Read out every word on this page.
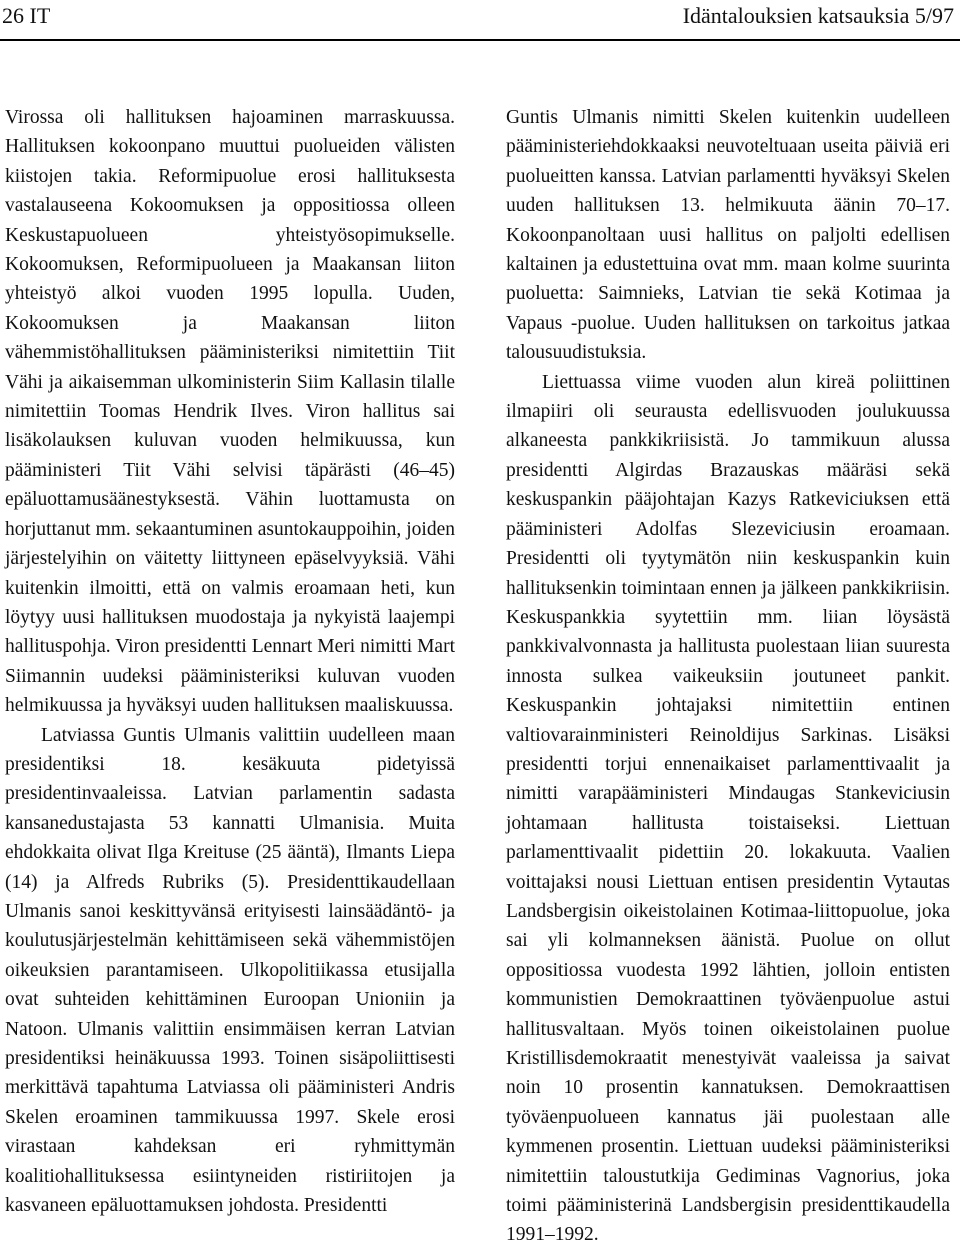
26 IT	Idäntalouksien katsauksia 5/97

Virossa oli hallituksen hajoaminen marraskuussa. Hallituksen kokoonpano muuttui puolueiden välisten kiistojen takia. Reformipuolue erosi hallituksesta vastalauseena Kokoomuksen ja oppositiossa olleen Keskustapuolueen yhteistyösopimukselle. Kokoomuksen, Reformipuolueen ja Maakansan liiton yhteistyö alkoi vuoden 1995 lopulla. Uuden, Kokoomuksen ja Maakansan liiton vähemmistöhallituksen pääministeriksi nimitettiin Tiit Vähi ja aikaisemman ulkoministerin Siim Kallasin tilalle nimitettiin Toomas Hendrik Ilves. Viron hallitus sai lisäkolauksen kuluvan vuoden helmikuussa, kun pääministeri Tiit Vähi selvisi täpärästi (46–45) epäluottamusäänestyksestä. Vähin luottamusta on horjuttanut mm. sekaantuminen asuntokauppoihin, joiden järjestelyihin on väitetty liittyneen epäselvyyksiä. Vähi kuitenkin ilmoitti, että on valmis eroamaan heti, kun löytyy uusi hallituksen muodostaja ja nykyistä laajempi hallituspohja. Viron presidentti Lennart Meri nimitti Mart Siimannin uudeksi pääministeriksi kuluvan vuoden helmikuussa ja hyväksyi uuden hallituksen maaliskuussa.

Latviassa Guntis Ulmanis valittiin uudelleen maan presidentiksi 18. kesäkuuta pidetyissä presidentinvaaleissa. Latvian parlamentin sadasta kansanedustajasta 53 kannatti Ulmanisia. Muita ehdokkaita olivat Ilga Kreituse (25 ääntä), Ilmants Liepa (14) ja Alfreds Rubriks (5). Presidenttikaudellaan Ulmanis sanoi keskittyvänsä erityisesti lainsäädäntö- ja koulutusjärjestelmän kehittämiseen sekä vähemmistöjen oikeuksien parantamiseen. Ulkopolitiikassa etusijalla ovat suhteiden kehittäminen Euroopan Unioniin ja Natoon. Ulmanis valittiin ensimmäisen kerran Latvian presidentiksi heinäkuussa 1993. Toinen sisäpoliittisesti merkittävä tapahtuma Latviassa oli pääministeri Andris Skelen eroaminen tammikuussa 1997. Skele erosi virastaan kahdeksan eri ryhmittymän koalitiohallituksessa esiintyneiden ristiriitojen ja kasvaneen epäluottamuksen johdosta. Presidentti

Guntis Ulmanis nimitti Skelen kuitenkin uudelleen pääministeriehdokkaaksi neuvoteltuaan useita päiviä eri puolueitten kanssa. Latvian parlamentti hyväksyi Skelen uuden hallituksen 13. helmikuuta äänin 70–17. Kokoonpanoltaan uusi hallitus on paljolti edellisen kaltainen ja edustettuina ovat mm. maan kolme suurinta puoluetta: Saimnieks, Latvian tie sekä Kotimaa ja Vapaus -puolue. Uuden hallituksen on tarkoitus jatkaa talousuudistuksia.

Liettuassa viime vuoden alun kireä poliittinen ilmapiiri oli seurausta edellisvuoden joulukuussa alkaneesta pankkikriisistä. Jo tammikuun alussa presidentti Algirdas Brazauskas määräsi sekä keskuspankin pääjohtajan Kazys Ratkeviciuksen että pääministeri Adolfas Slezeviciusin eroamaan. Presidentti oli tyytymätön niin keskuspankin kuin hallituksenkin toimintaan ennen ja jälkeen pankkikriisin. Keskuspankkia syytettiin mm. liian löysästä pankkivalvonnasta ja hallitusta puolestaan liian suuresta innosta sulkea vaikeuksiin joutuneet pankit. Keskuspankin johtajaksi nimitettiin entinen valtiovarainministeri Reinoldijus Sarkinas. Lisäksi presidentti torjui ennenaikaiset parlamenttivaalit ja nimitti varapääministeri Mindaugas Stankeviciusin johtamaan hallitusta toistaiseksi. Liettuan parlamenttivaalit pidettiin 20. lokakuuta. Vaalien voittajaksi nousi Liettuan entisen presidentin Vytautas Landsbergisin oikeistolainen Kotimaa-liittopuolue, joka sai yli kolmanneksen äänistä. Puolue on ollut oppositiossa vuodesta 1992 lähtien, jolloin entisten kommunistien Demokraattinen työväenpuolue astui hallitusvaltaan. Myös toinen oikeistolainen puolue Kristillisdemokraatit menestyivät vaaleissa ja saivat noin 10 prosentin kannatuksen. Demokraattisen työväenpuolueen kannatus jäi puolestaan alle kymmenen prosentin. Liettuan uudeksi pääministeriksi nimitettiin taloustutkija Gediminas Vagnorius, joka toimi pääministerinä Landsbergisin presidenttikaudella 1991–1992.
